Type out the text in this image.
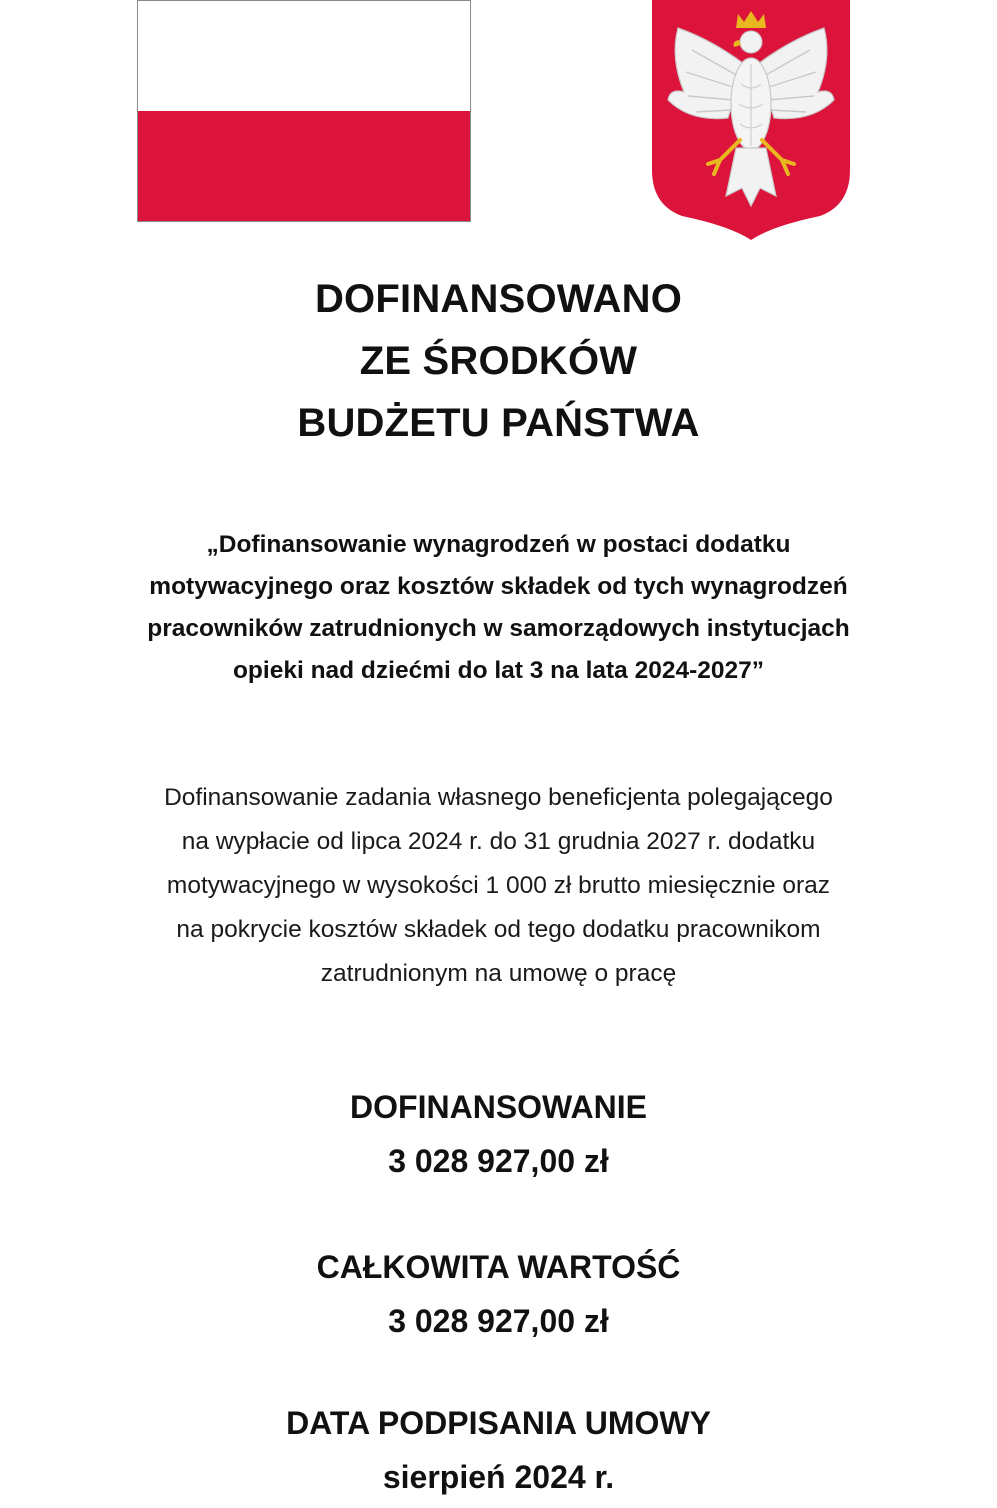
DOFINANSOWANO
ZE ŚRODKÓW
BUDŻETU PAŃSTWA
„Dofinansowanie wynagrodzeń w postaci dodatku
motywacyjnego oraz kosztów składek od tych wynagrodzeń
pracowników zatrudnionych w samorządowych instytucjach
opieki nad dziećmi do lat 3 na lata 2024-2027”
Dofinansowanie zadania własnego beneficjenta polegającego
na wypłacie od lipca 2024 r. do 31 grudnia 2027 r. dodatku
motywacyjnego w wysokości 1 000 zł brutto miesięcznie oraz
na pokrycie kosztów składek od tego dodatku pracownikom
zatrudnionym na umowę o pracę
DOFINANSOWANIE
3 028 927,00 zł
CAŁKOWITA WARTOŚĆ
3 028 927,00 zł
DATA PODPISANIA UMOWY
sierpień 2024 r.
